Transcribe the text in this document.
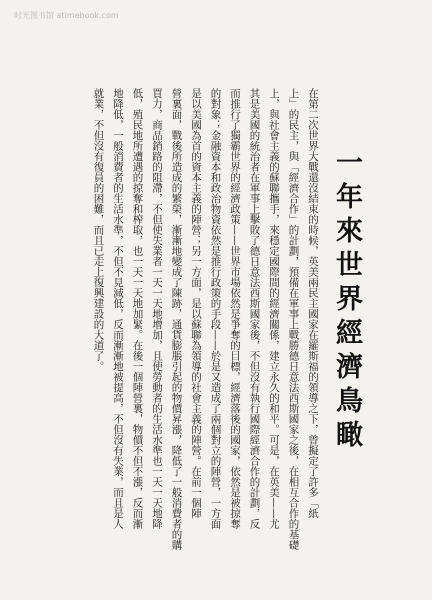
时光图书馆 atimebook.com
一年來世界經濟鳥瞰
在第二次世界大戰還沒結束的時候，英美兩民主國家在羅斯福的領導之下，曾擬定了許多「紙
上」的民主，與「經濟合作」的計劃，預備在軍事上戰勝德日意法西斯國家之後，在相互合作的基礎
上，與社會主義的蘇聯攜手，來穩定國際間的經濟關係，建立永久的和平。可是，在英美——尤
其是美國的統治者在軍事上擊敗了德日意法西斯國家後，不但沒有執行國際經濟合作的計劃，反
而推行了獨霸世界的經濟政策——世界市場依然是爭奪的目標，經濟落後的國家，依然是被掠奪
的對象；金融資本和政治物資依然是推行政策的手段——於是又造成了兩個對立的陣營，一方面
是以美國為首的資本主義的陣營；另一方面，是以蘇聯為領導的社會主義的陣營。在前一個陣
營裏面，戰後所造成的繁榮，漸漸地變成了陳跡，通貨膨脹引起的物價昇漲，降低了一般消費者的購
買力，商品銷路的阻滯，不但使失業者一天一天地增加，且使勞動者的生活水準也一天一天地降
低，殖民地所遭遇的掠奪和榨取，也一天一天地加緊。在後一個陣營裏，物價不但不漲，反而漸
地降低，一般消費者的生活水準，不但不見減低，反而漸漸地被提高，不但沒有失業，而且是人
就業，不但沒有復員的困難，而且已走上復興建設的大道了。
